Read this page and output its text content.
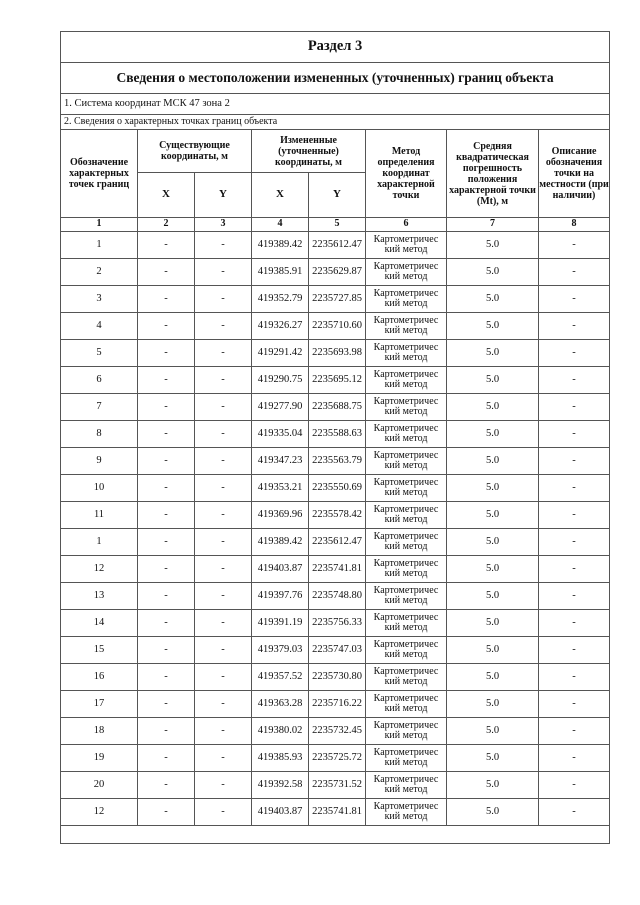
Раздел 3							
Сведения о местоположении измененных (уточненных) границ объекта							
1. Система координат МСК 47 зона 2							
2. Сведения о характерных точках границ объекта							
Обозначение характерных точек границ	Существующие координаты, м		Измененные (уточненные) координаты, м		Метод определения координат характерной точки	Средняя квадратическая погрешность положения характерной точки (Mt), м	Описание обозначения точки на местности (при наличии)
	X	Y	X	Y			
1	2	3	4	5	6	7	8
1	-	-	419389.42	2235612.47	Картометричес кий метод	5.0	-
2	-	-	419385.91	2235629.87	Картометричес кий метод	5.0	-
3	-	-	419352.79	2235727.85	Картометричес кий метод	5.0	-
4	-	-	419326.27	2235710.60	Картометричес кий метод	5.0	-
5	-	-	419291.42	2235693.98	Картометричес кий метод	5.0	-
6	-	-	419290.75	2235695.12	Картометричес кий метод	5.0	-
7	-	-	419277.90	2235688.75	Картометричес кий метод	5.0	-
8	-	-	419335.04	2235588.63	Картометричес кий метод	5.0	-
9	-	-	419347.23	2235563.79	Картометричес кий метод	5.0	-
10	-	-	419353.21	2235550.69	Картометричес кий метод	5.0	-
11	-	-	419369.96	2235578.42	Картометричес кий метод	5.0	-
1	-	-	419389.42	2235612.47	Картометричес кий метод	5.0	-
12	-	-	419403.87	2235741.81	Картометричес кий метод	5.0	-
13	-	-	419397.76	2235748.80	Картометричес кий метод	5.0	-
14	-	-	419391.19	2235756.33	Картометричес кий метод	5.0	-
15	-	-	419379.03	2235747.03	Картометричес кий метод	5.0	-
16	-	-	419357.52	2235730.80	Картометричес кий метод	5.0	-
17	-	-	419363.28	2235716.22	Картометричес кий метод	5.0	-
18	-	-	419380.02	2235732.45	Картометричес кий метод	5.0	-
19	-	-	419385.93	2235725.72	Картометричес кий метод	5.0	-
20	-	-	419392.58	2235731.52	Картометричес кий метод	5.0	-
12	-	-	419403.87	2235741.81	Картометричес кий метод	5.0	-
